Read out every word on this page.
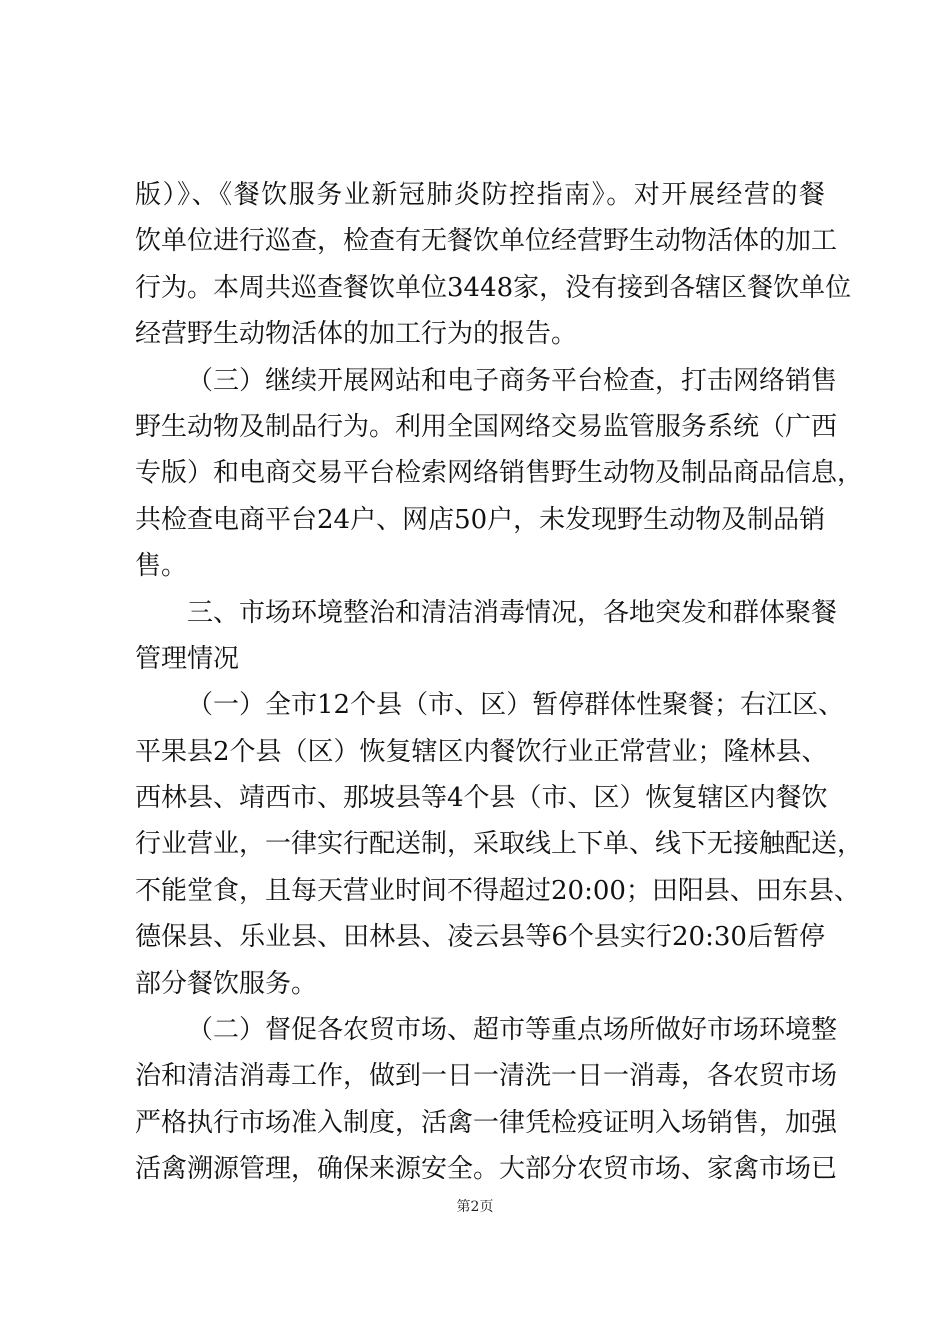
版）》、《餐饮服务业新冠肺炎防控指南》。对开展经营的餐
饮单位进行巡查，检查有无餐饮单位经营野生动物活体的加工
行为。本周共巡查餐饮单位3448家，没有接到各辖区餐饮单位
经营野生动物活体的加工行为的报告。
（三）继续开展网站和电子商务平台检查，打击网络销售
野生动物及制品行为。利用全国网络交易监管服务系统（广西
专版）和电商交易平台检索网络销售野生动物及制品商品信息，
共检查电商平台24户、网店50户，未发现野生动物及制品销
售。
三、市场环境整治和清洁消毒情况，各地突发和群体聚餐
管理情况
（一）全市12个县（市、区）暂停群体性聚餐；右江区、
平果县2个县（区）恢复辖区内餐饮行业正常营业；隆林县、
西林县、靖西市、那坡县等4个县（市、区）恢复辖区内餐饮
行业营业，一律实行配送制，采取线上下单、线下无接触配送，
不能堂食，且每天营业时间不得超过20:00；田阳县、田东县、
德保县、乐业县、田林县、凌云县等6个县实行20:30后暂停
部分餐饮服务。
（二）督促各农贸市场、超市等重点场所做好市场环境整
治和清洁消毒工作，做到一日一清洗一日一消毒，各农贸市场
严格执行市场准入制度，活禽一律凭检疫证明入场销售，加强
活禽溯源管理，确保来源安全。大部分农贸市场、家禽市场已
第2页
